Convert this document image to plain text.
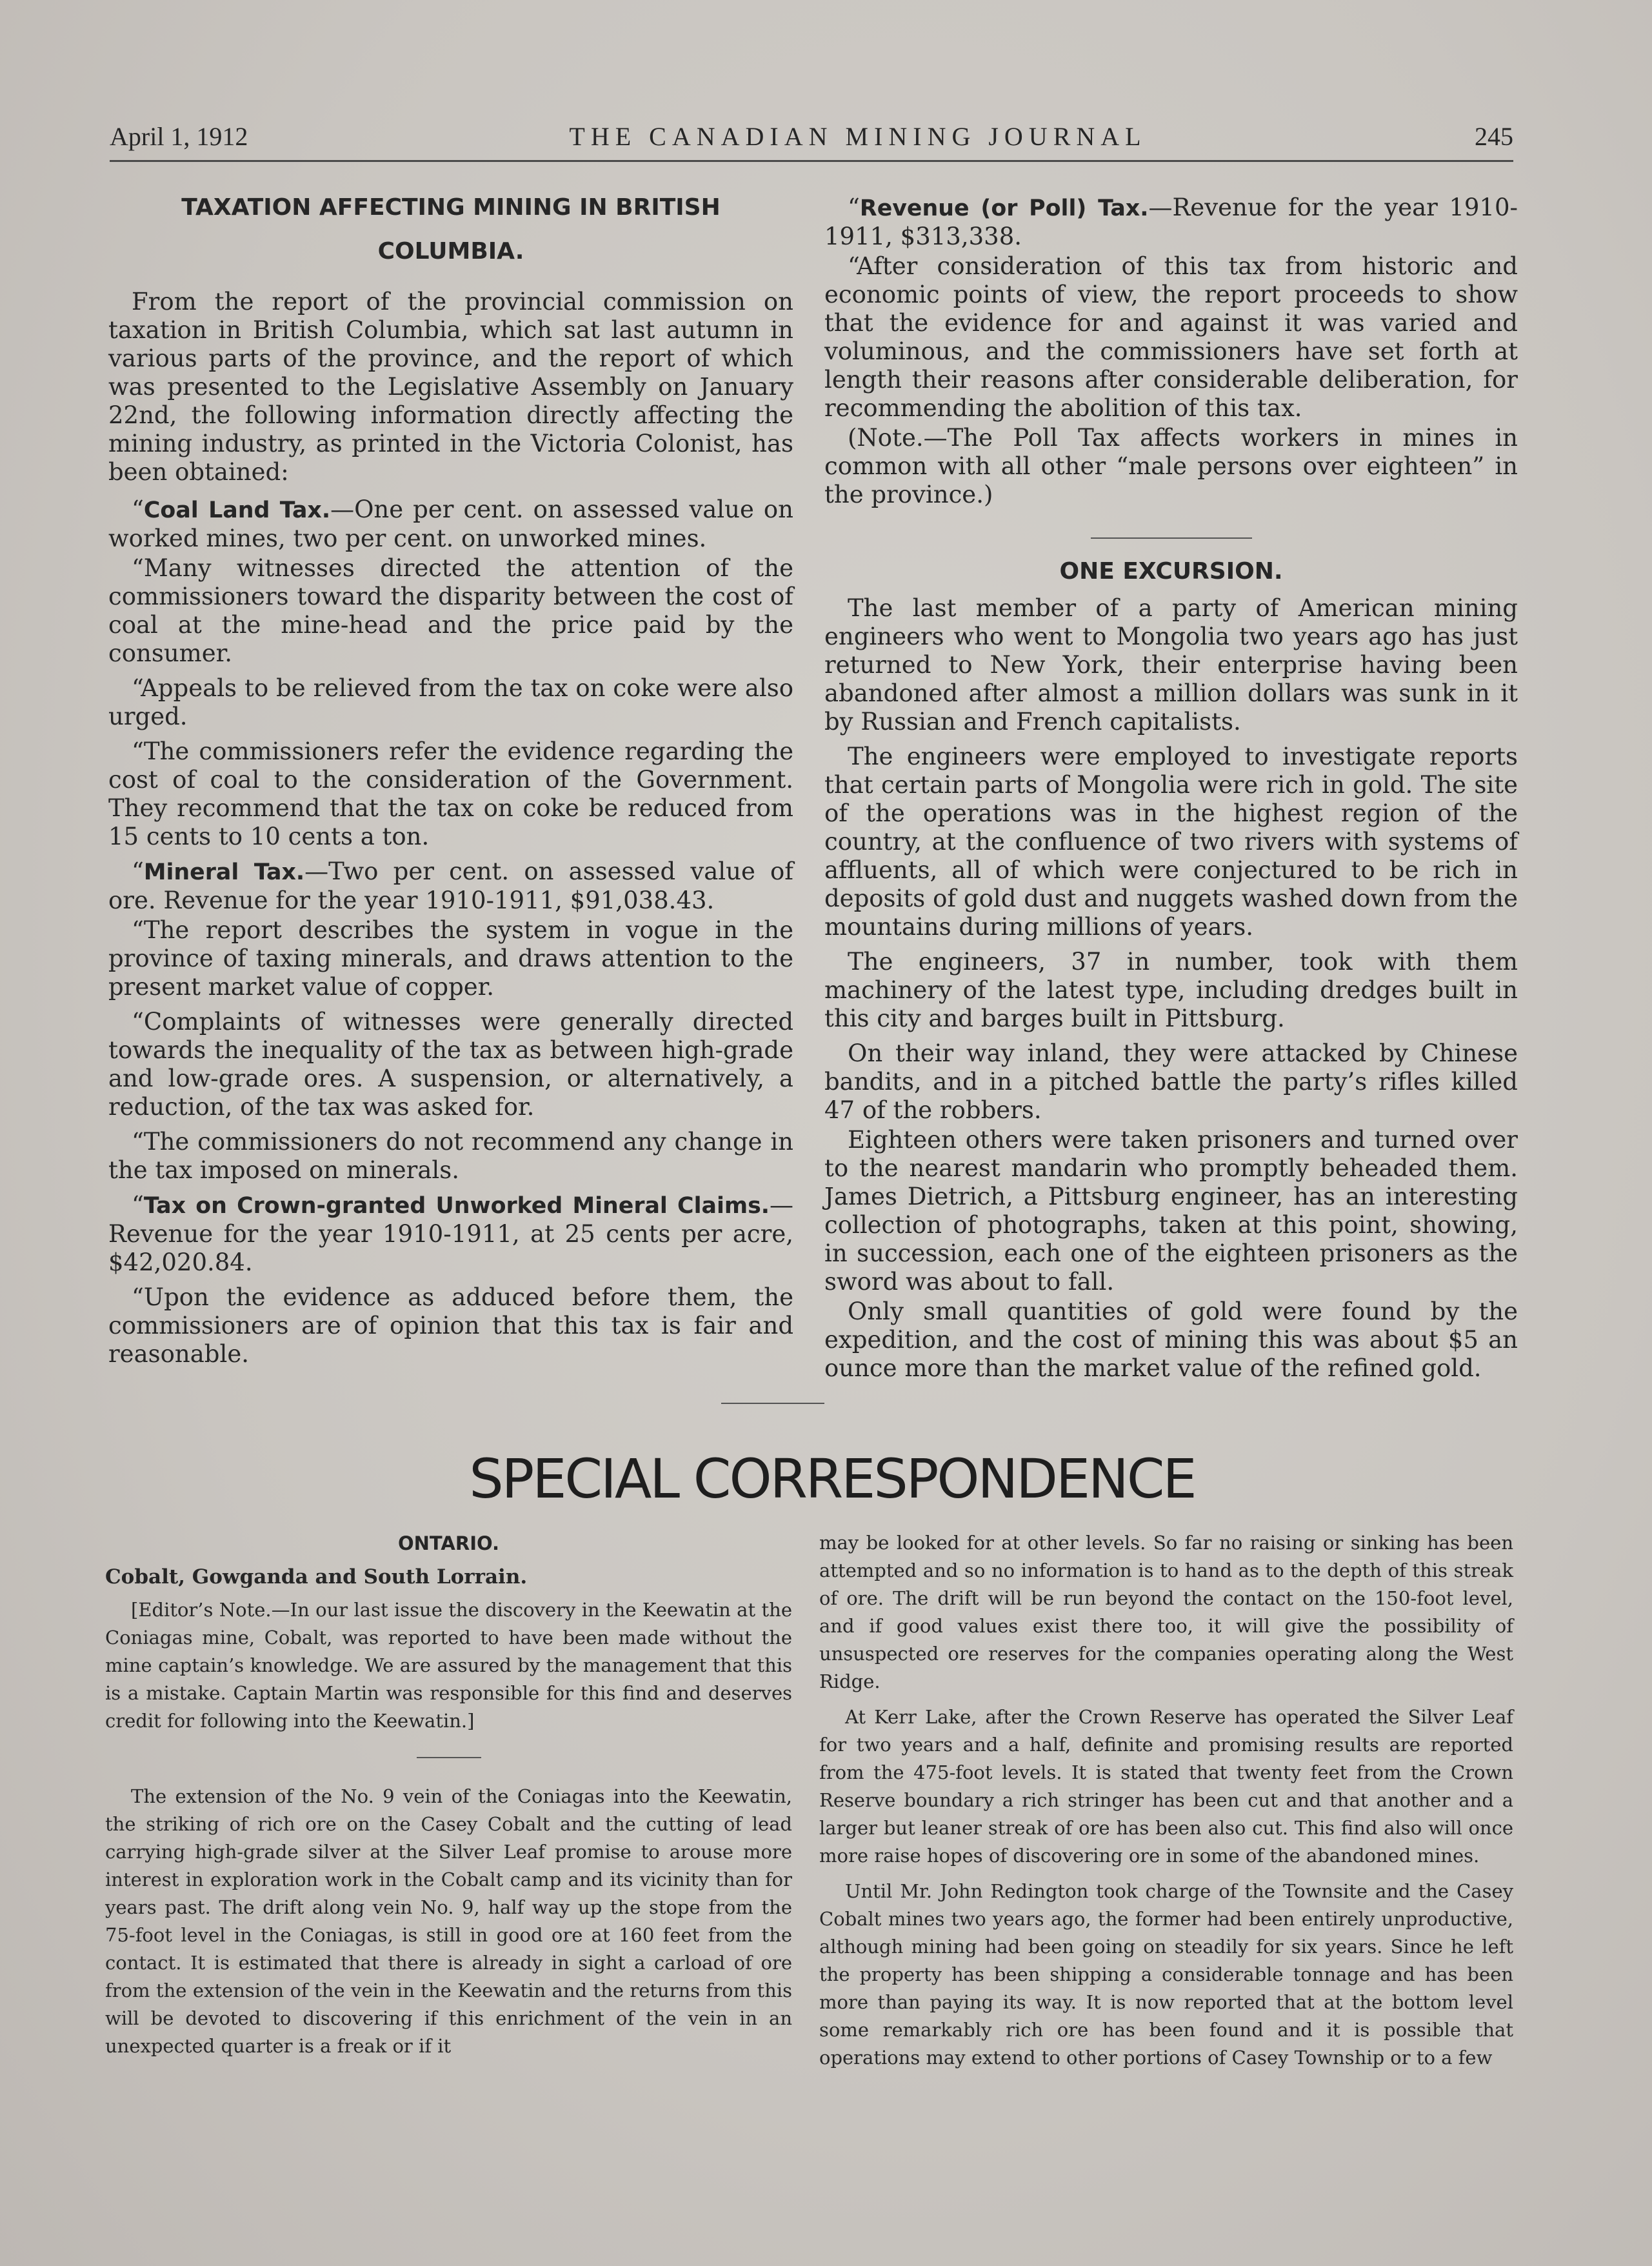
April 1, 1912	THE CANADIAN MINING JOURNAL	245
TAXATION AFFECTING MINING IN BRITISH COLUMBIA.

From the report of the provincial commission on taxation in British Columbia, which sat last autumn in various parts of the province, and the report of which was presented to the Legislative Assembly on January 22nd, the following information directly affecting the mining industry, as printed in the Victoria Colonist, has been obtained:

“Coal Land Tax.—One per cent. on assessed value on worked mines, two per cent. on unworked mines.

“Many witnesses directed the attention of the commissioners toward the disparity between the cost of coal at the mine-head and the price paid by the consumer.

“Appeals to be relieved from the tax on coke were also urged.

“The commissioners refer the evidence regarding the cost of coal to the consideration of the Government. They recommend that the tax on coke be reduced from 15 cents to 10 cents a ton.

“Mineral Tax.—Two per cent. on assessed value of ore. Revenue for the year 1910-1911, $91,038.43.

“The report describes the system in vogue in the province of taxing minerals, and draws attention to the present market value of copper.

“Complaints of witnesses were generally directed towards the inequality of the tax as between high-grade and low-grade ores. A suspension, or alternatively, a reduction, of the tax was asked for.

“The commissioners do not recommend any change in the tax imposed on minerals.

“Tax on Crown-granted Unworked Mineral Claims.—Revenue for the year 1910-1911, at 25 cents per acre, $42,020.84.

“Upon the evidence as adduced before them, the commissioners are of opinion that this tax is fair and reasonable.

“Revenue (or Poll) Tax.—Revenue for the year 1910-1911, $313,338.

“After consideration of this tax from historic and economic points of view, the report proceeds to show that the evidence for and against it was varied and voluminous, and the commissioners have set forth at length their reasons after considerable deliberation, for recommending the abolition of this tax.

(Note.—The Poll Tax affects workers in mines in common with all other “male persons over eighteen” in the province.)

ONE EXCURSION.

The last member of a party of American mining engineers who went to Mongolia two years ago has just returned to New York, their enterprise having been abandoned after almost a million dollars was sunk in it by Russian and French capitalists.

The engineers were employed to investigate reports that certain parts of Mongolia were rich in gold. The site of the operations was in the highest region of the country, at the confluence of two rivers with systems of affluents, all of which were conjectured to be rich in deposits of gold dust and nuggets washed down from the mountains during millions of years.

The engineers, 37 in number, took with them machinery of the latest type, including dredges built in this city and barges built in Pittsburg.

On their way inland, they were attacked by Chinese bandits, and in a pitched battle the party’s rifles killed 47 of the robbers.

Eighteen others were taken prisoners and turned over to the nearest mandarin who promptly beheaded them. James Dietrich, a Pittsburg engineer, has an interesting collection of photographs, taken at this point, showing, in succession, each one of the eighteen prisoners as the sword was about to fall.

Only small quantities of gold were found by the expedition, and the cost of mining this was about $5 an ounce more than the market value of the refined gold.

SPECIAL CORRESPONDENCE
ONTARIO.

Cobalt, Gowganda and South Lorrain.

[Editor’s Note.—In our last issue the discovery in the Keewatin at the Coniagas mine, Cobalt, was reported to have been made without the mine captain’s knowledge. We are assured by the management that this is a mistake. Captain Martin was responsible for this find and deserves credit for following into the Keewatin.]

The extension of the No. 9 vein of the Coniagas into the Keewatin, the striking of rich ore on the Casey Cobalt and the cutting of lead carrying high-grade silver at the Silver Leaf promise to arouse more interest in exploration work in the Cobalt camp and its vicinity than for years past. The drift along vein No. 9, half way up the stope from the 75-foot level in the Coniagas, is still in good ore at 160 feet from the contact. It is estimated that there is already in sight a carload of ore from the extension of the vein in the Keewatin and the returns from this will be devoted to discovering if this enrichment of the vein in an unexpected quarter is a freak or if it

may be looked for at other levels. So far no raising or sinking has been attempted and so no information is to hand as to the depth of this streak of ore. The drift will be run beyond the contact on the 150-foot level, and if good values exist there too, it will give the possibility of unsuspected ore reserves for the companies operating along the West Ridge.

At Kerr Lake, after the Crown Reserve has operated the Silver Leaf for two years and a half, definite and promising results are reported from the 475-foot levels. It is stated that twenty feet from the Crown Reserve boundary a rich stringer has been cut and that another and a larger but leaner streak of ore has been also cut. This find also will once more raise hopes of discovering ore in some of the abandoned mines.

Until Mr. John Redington took charge of the Townsite and the Casey Cobalt mines two years ago, the former had been entirely unproductive, although mining had been going on steadily for six years. Since he left the property has been shipping a considerable tonnage and has been more than paying its way. It is now reported that at the bottom level some remarkably rich ore has been found and it is possible that operations may extend to other portions of Casey Township or to a few
